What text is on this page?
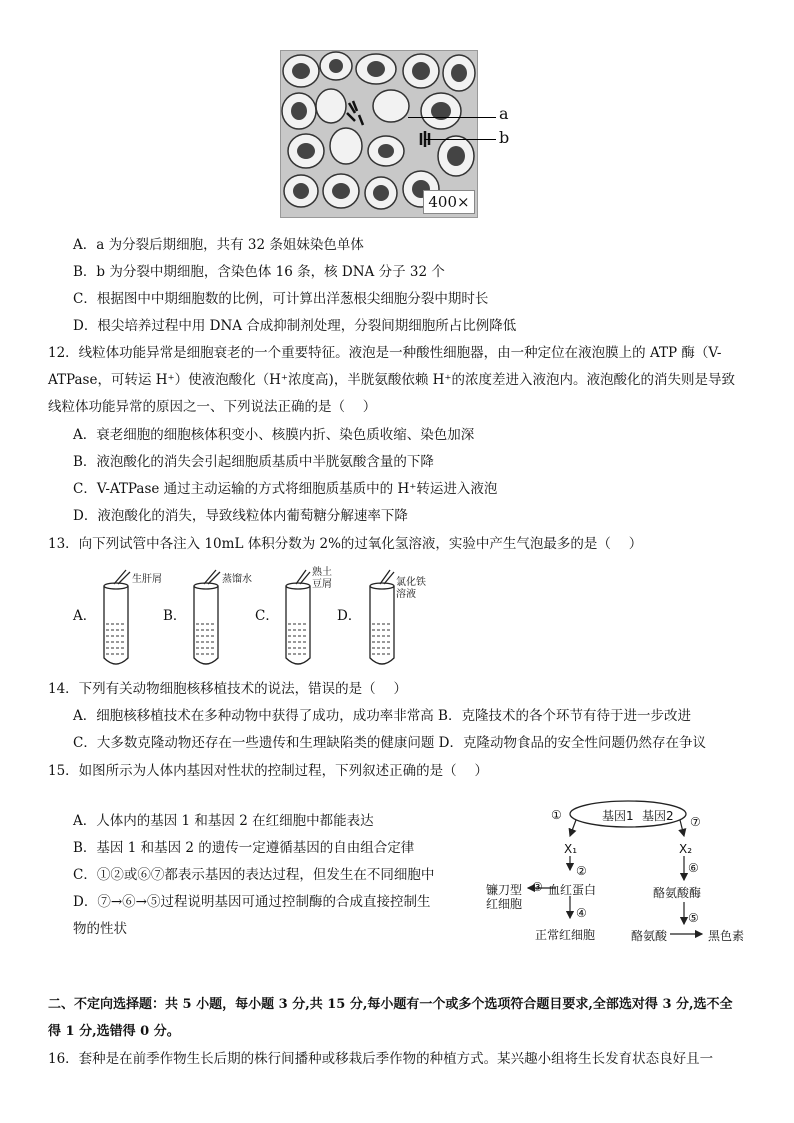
400×
a
b
A．a 为分裂后期细胞，共有 32 条姐妹染色单体
B．b 为分裂中期细胞，含染色体 16 条，核 DNA 分子 32 个
C．根据图中中期细胞数的比例，可计算出洋葱根尖细胞分裂中期时长
D．根尖培养过程中用 DNA 合成抑制剂处理，分裂间期细胞所占比例降低
12．线粒体功能异常是细胞衰老的一个重要特征。液泡是一种酸性细胞器，由一种定位在液泡膜上的 ATP 酶（V-
ATPase，可转运 H⁺）使液泡酸化（H⁺浓度高)，半胱氨酸依赖 H⁺的浓度差进入液泡内。液泡酸化的消失则是导致
线粒体功能异常的原因之一、下列说法正确的是（　 ）
A．衰老细胞的细胞核体积变小、核膜内折、染色质收缩、染色加深
B．液泡酸化的消失会引起细胞质基质中半胱氨酸含量的下降
C．V-ATPase 通过主动运输的方式将细胞质基质中的 H⁺转运进入液泡
D．液泡酸化的消失，导致线粒体内葡萄糖分解速率下降
13．向下列试管中各注入 10mL 体积分数为 2%的过氧化氢溶液，实验中产生气泡最多的是（　 ）
A．	B．	C．	D．
生肝屑	蒸馏水
熟土
豆屑	氯化铁
溶液
14．下列有关动物细胞核移植技术的说法，错误的是（　 ）
A．细胞核移植技术在多种动物中获得了成功，成功率非常高 B．克隆技术的各个环节有待于进一步改进
C．大多数克隆动物还存在一些遗传和生理缺陷类的健康问题 D．克隆动物食品的安全性问题仍然存在争议
15．如图所示为人体内基因对性状的控制过程，下列叙述正确的是（　 ）
A．人体内的基因 1 和基因 2 在红细胞中都能表达
B．基因 1 和基因 2 的遗传一定遵循基因的自由组合定律
C．①②或⑥⑦都表示基因的表达过程，但发生在不同细胞中
D．⑦→⑥→⑤过程说明基因可通过控制酶的合成直接控制生
物的性状
基因1 基因2
①	⑦
X₁	X₂
②	⑥
血红蛋白
③
镰刀型
红细胞
酪氨酸酶
④	⑤
正常红细胞	酪氨酸	黑色素
二、不定向选择题：共 5 小题，每小题 3 分,共 15 分,每小题有一个或多个选项符合题目要求,全部选对得 3 分,选不全
得 1 分,选错得 0 分。
16．套种是在前季作物生长后期的株行间播种或移栽后季作物的种植方式。某兴趣小组将生长发育状态良好且一
